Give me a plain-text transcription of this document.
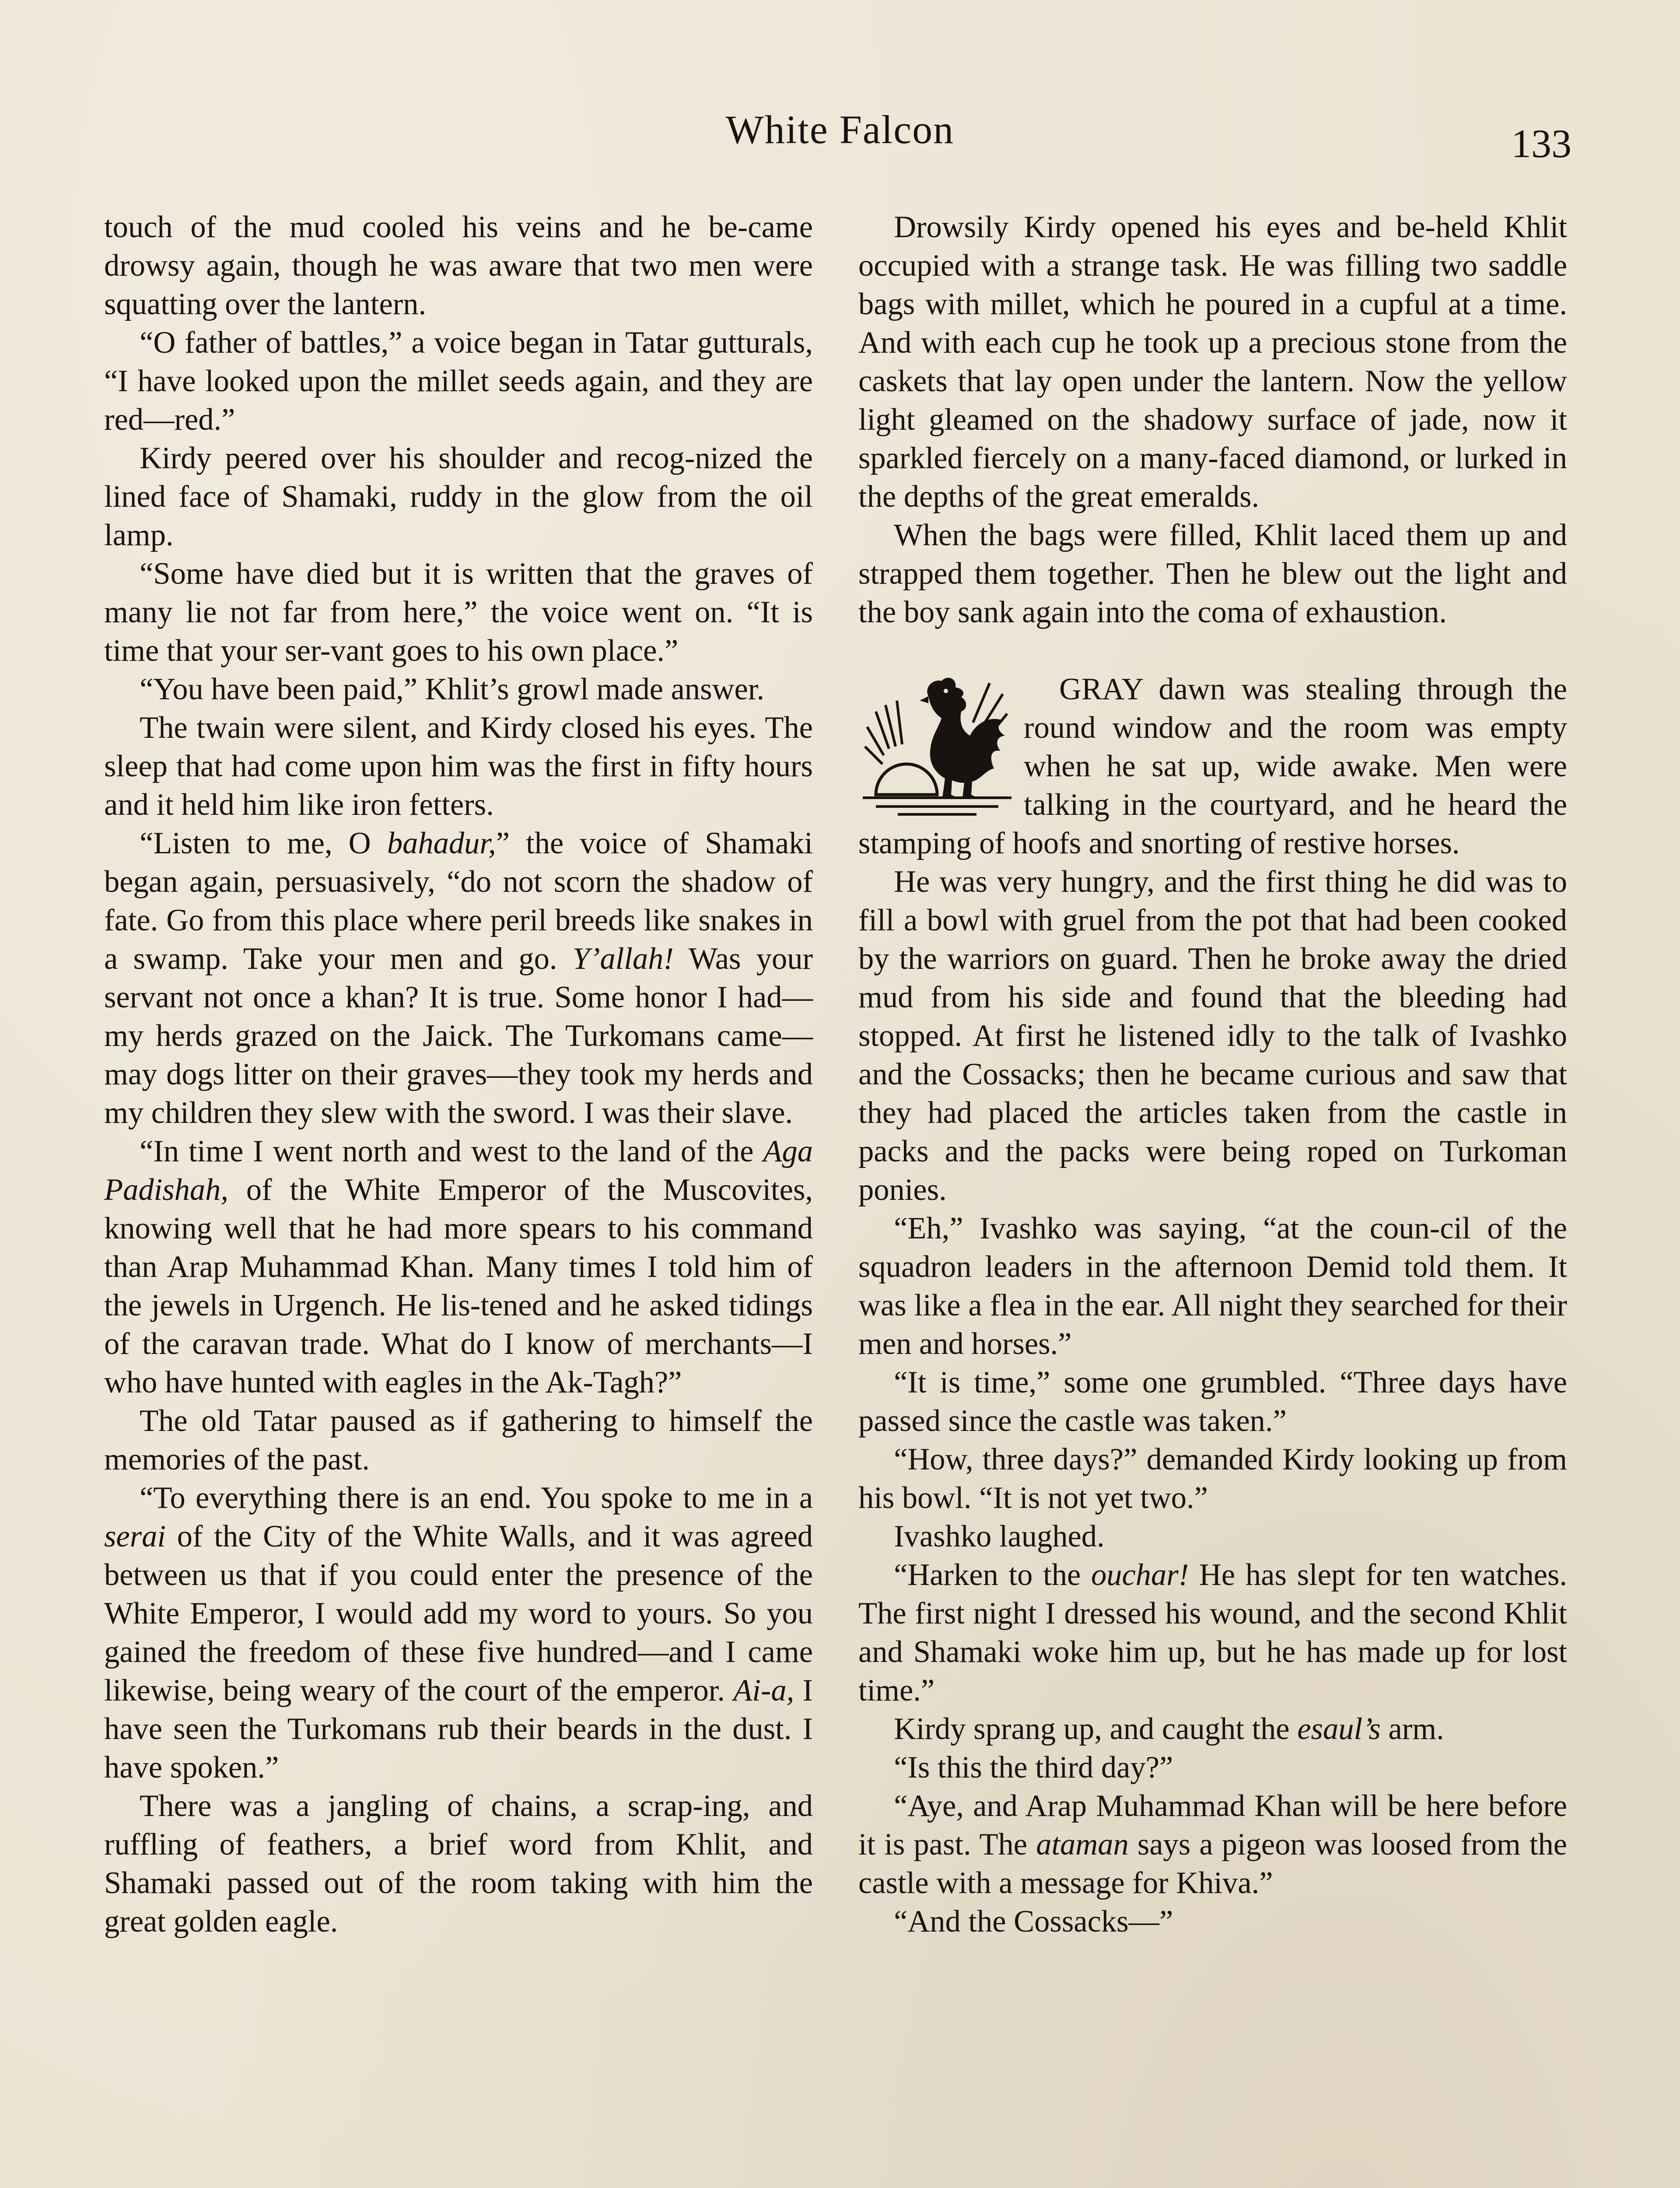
White Falcon	133

touch of the mud cooled his veins and he be-came drowsy again, though he was aware that two men were squatting over the lantern.

“O father of battles,” a voice began in Tatar gutturals, “I have looked upon the millet seeds again, and they are red—red.”

Kirdy peered over his shoulder and recog-nized the lined face of Shamaki, ruddy in the glow from the oil lamp.

“Some have died but it is written that the graves of many lie not far from here,” the voice went on. “It is time that your ser-vant goes to his own place.”

“You have been paid,” Khlit’s growl made answer.

The twain were silent, and Kirdy closed his eyes. The sleep that had come upon him was the first in fifty hours and it held him like iron fetters.

“Listen to me, O bahadur,” the voice of Shamaki began again, persuasively, “do not scorn the shadow of fate. Go from this place where peril breeds like snakes in a swamp. Take your men and go. Y’allah! Was your servant not once a khan? It is true. Some honor I had—my herds grazed on the Jaick. The Turkomans came—may dogs litter on their graves—they took my herds and my children they slew with the sword. I was their slave.

“In time I went north and west to the land of the Aga Padishah, of the White Emperor of the Muscovites, knowing well that he had more spears to his command than Arap Muhammad Khan. Many times I told him of the jewels in Urgench. He lis-tened and he asked tidings of the caravan trade. What do I know of merchants—I who have hunted with eagles in the Ak-Tagh?”

The old Tatar paused as if gathering to himself the memories of the past.

“To everything there is an end. You spoke to me in a serai of the City of the White Walls, and it was agreed between us that if you could enter the presence of the White Emperor, I would add my word to yours. So you gained the freedom of these five hundred—and I came likewise, being weary of the court of the emperor. Ai-a, I have seen the Turkomans rub their beards in the dust. I have spoken.”

There was a jangling of chains, a scrap-ing, and ruffling of feathers, a brief word from Khlit, and Shamaki passed out of the room taking with him the great golden eagle.

Drowsily Kirdy opened his eyes and be-held Khlit occupied with a strange task. He was filling two saddle bags with millet, which he poured in a cupful at a time. And with each cup he took up a precious stone from the caskets that lay open under the lantern. Now the yellow light gleamed on the shadowy surface of jade, now it sparkled fiercely on a many-faced diamond, or lurked in the depths of the great emeralds.

When the bags were filled, Khlit laced them up and strapped them together. Then he blew out the light and the boy sank again into the coma of exhaustion.

GRAY dawn was stealing through the round window and the room was empty when he sat up, wide awake. Men were talking in the courtyard, and he heard the stamping of hoofs and snorting of restive horses.

He was very hungry, and the first thing he did was to fill a bowl with gruel from the pot that had been cooked by the warriors on guard. Then he broke away the dried mud from his side and found that the bleeding had stopped. At first he listened idly to the talk of Ivashko and the Cossacks; then he became curious and saw that they had placed the articles taken from the castle in packs and the packs were being roped on Turkoman ponies.

“Eh,” Ivashko was saying, “at the coun-cil of the squadron leaders in the afternoon Demid told them. It was like a flea in the ear. All night they searched for their men and horses.”

“It is time,” some one grumbled. “Three days have passed since the castle was taken.”

“How, three days?” demanded Kirdy looking up from his bowl. “It is not yet two.”

Ivashko laughed.

“Harken to the ouchar! He has slept for ten watches. The first night I dressed his wound, and the second Khlit and Shamaki woke him up, but he has made up for lost time.”

Kirdy sprang up, and caught the esaul’s arm.

“Is this the third day?”

“Aye, and Arap Muhammad Khan will be here before it is past. The ataman says a pigeon was loosed from the castle with a message for Khiva.”

“And the Cossacks—”
